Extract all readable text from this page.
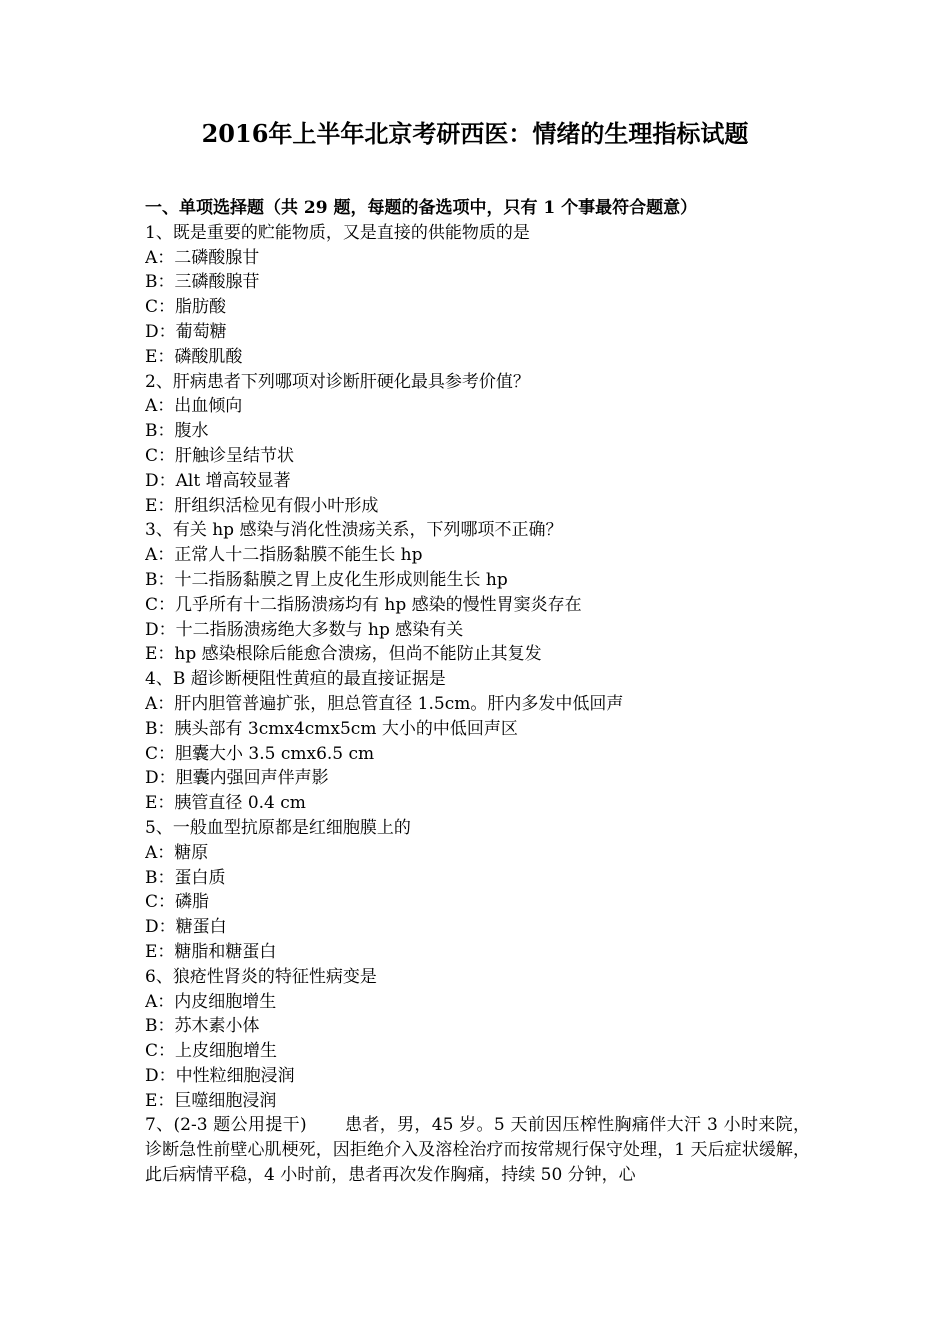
2016年上半年北京考研西医：情绪的生理指标试题
一、单项选择题（共 29 题，每题的备选项中，只有 1 个事最符合题意）
1、既是重要的贮能物质，又是直接的供能物质的是
A：二磷酸腺甘
B：三磷酸腺苷
C：脂肪酸
D：葡萄糖
E：磷酸肌酸
2、肝病患者下列哪项对诊断肝硬化最具参考价值？
A：出血倾向
B：腹水
C：肝触诊呈结节状
D：Alt 增高较显著
E：肝组织活检见有假小叶形成
3、有关 hp 感染与消化性溃疡关系，下列哪项不正确？
A：正常人十二指肠黏膜不能生长 hp
B：十二指肠黏膜之胃上皮化生形成则能生长 hp
C：几乎所有十二指肠溃疡均有 hp 感染的慢性胃窦炎存在
D：十二指肠溃疡绝大多数与 hp 感染有关
E：hp 感染根除后能愈合溃疡，但尚不能防止其复发
4、B 超诊断梗阻性黄疸的最直接证据是
A：肝内胆管普遍扩张，胆总管直径 1.5cm。肝内多发中低回声
B：胰头部有 3cmx4cmx5cm 大小的中低回声区
C：胆囊大小 3.5 cmx6.5 cm
D：胆囊内强回声伴声影
E：胰管直径 0.4 cm
5、一般血型抗原都是红细胞膜上的
A：糖原
B：蛋白质
C：磷脂
D：糖蛋白
E：糖脂和糖蛋白
6、狼疮性肾炎的特征性病变是
A：内皮细胞增生
B：苏木素小体
C：上皮细胞增生
D：中性粒细胞浸润
E：巨噬细胞浸润
7、(2-3 题公用提干) 患者，男，45 岁。5 天前因压榨性胸痛伴大汗 3 小时来院，诊断急性前壁心肌梗死，因拒绝介入及溶栓治疗而按常规行保守处理，1 天后症状缓解，此后病情平稳，4 小时前，患者再次发作胸痛，持续 50 分钟，心
